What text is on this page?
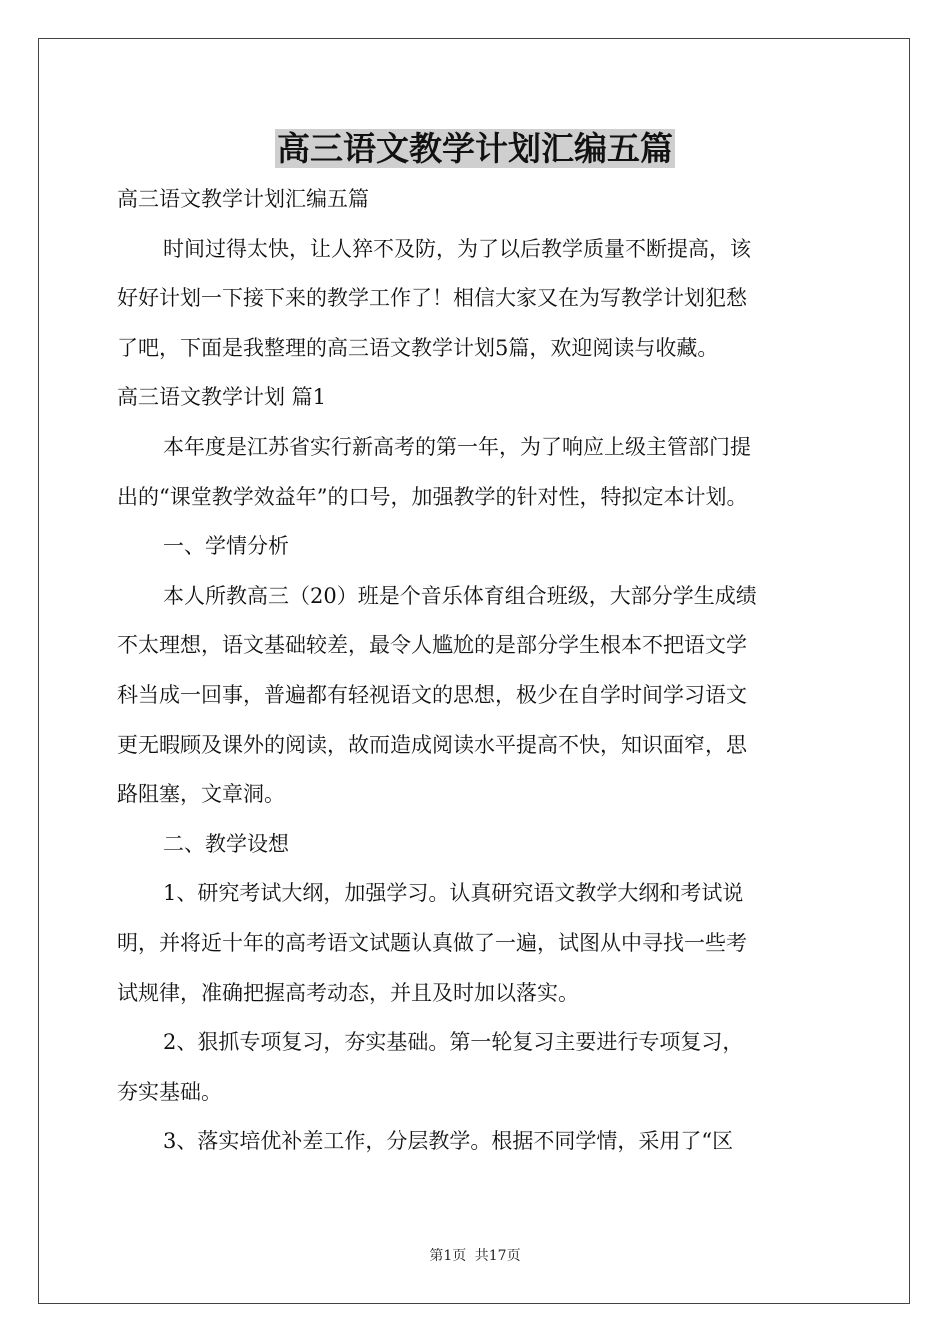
高三语文教学计划汇编五篇
高三语文教学计划汇编五篇
时间过得太快，让人猝不及防，为了以后教学质量不断提高，该
好好计划一下接下来的教学工作了！相信大家又在为写教学计划犯愁
了吧，下面是我整理的高三语文教学计划5篇，欢迎阅读与收藏。
高三语文教学计划 篇1
本年度是江苏省实行新高考的第一年，为了响应上级主管部门提
出的“课堂教学效益年”的口号，加强教学的针对性，特拟定本计划。
一、学情分析
本人所教高三（20）班是个音乐体育组合班级，大部分学生成绩
不太理想，语文基础较差，最令人尴尬的是部分学生根本不把语文学
科当成一回事，普遍都有轻视语文的思想，极少在自学时间学习语文
更无暇顾及课外的阅读，故而造成阅读水平提高不快，知识面窄，思
路阻塞，文章洞。
二、教学设想
1、研究考试大纲，加强学习。认真研究语文教学大纲和考试说
明，并将近十年的高考语文试题认真做了一遍，试图从中寻找一些考
试规律，准确把握高考动态，并且及时加以落实。
2、狠抓专项复习，夯实基础。第一轮复习主要进行专项复习，
夯实基础。
3、落实培优补差工作，分层教学。根据不同学情，采用了“区
第1页 共17页
